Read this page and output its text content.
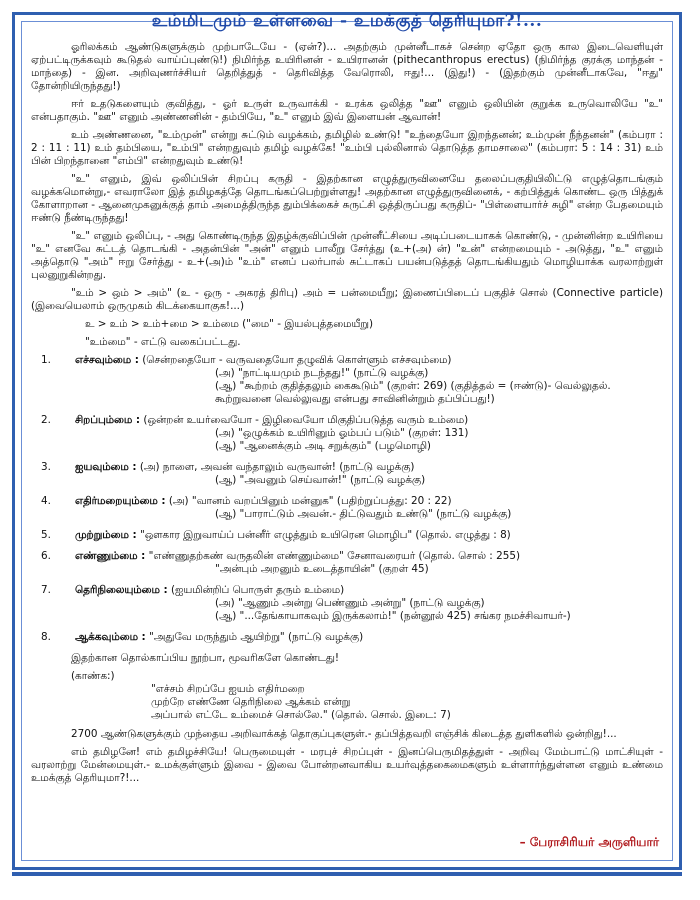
உம்மிடமும் உள்ளவை - உமக்குத் தெரியுமா?!...

ஓரிலக்கம் ஆண்டுகளுக்கும் முற்பாடேயே - (ஏன்?)... அதற்கும் முன்னீடாகச் சென்ற ஏதோ ஒரு கால இடைவெளியுள் ஏற்பட்டிருக்கவும் கூடுதல் வாய்ப்புண்டு!) நிமிர்ந்த உயிரினன் - உயிரானன் (pithecanthropus erectus) (நிமிர்ந்த குரக்கு மாந்தன் - மாந்தை) - இன. அறிவுணர்ச்சியர் தெறித்துத் - தெரிவித்த வேரொலி, ஈது!... (இது!) - (இதற்கும் முன்னீடாகவே, "ஈது" தோன்றியிருந்தது!)

ஈர் உதடுகளையும் குவித்து, - ஓர் உருள் உருவாக்கி - உரக்க ஒலித்த "ஊ" எனும் ஒலியின் குறுக்க உருவொலியே "உ" என்பதாகும். "ஊ" எனும் அண்ணனின் - தம்பியே, "உ" எனும் இவ் இளையன் ஆவான்!

உம் அண்ணனை, "உம்முன்" என்று சுட்டும் வழக்கம், தமிழில் உண்டு! "உந்தையோ இறந்தனன்; உம்முன் நீந்தனன்" (கம்பரா : 2 : 11 : 11) உம் தம்பியை, "உம்பி" என்றதுவும் தமிழ் வழக்கே! "உம்பி புல்லினால் தொடுத்த தாமசாலை" (கம்பரா: 5 : 14 : 31) உம் பின் பிறந்தானை "எம்பி" என்றதுவும் உண்டு!

"உ" எனும், இவ் ஒலிப்பின் சிறப்பு கருதி - இதற்கான எழுத்துருவினையே தலைப்பகுதியிலிட்டு எழுத்தொடங்கும் வழக்கமொன்று,- எவராலோ இத் தமிழகத்தே தொடங்கப்பெற்றுள்ளது! அதற்கான எழுத்துருவினைக், - கற்பித்துக் கொண்ட ஒரு பித்துக் கோளாறான - ஆனைமுகனுக்குத் தாம் அமைத்திருந்த தும்பிக்கைச் சுருட்சி ஒத்திருப்பது கருதிப்- "பிள்ளையார்ச் சுழி" என்ற பேதமையும் ஈண்டு நீண்டிருந்தது!

"உ" எனும் ஒலிப்பு, - அது கொண்டிருந்த இதழ்க்குவிப்பின் முன்னீட்சியை அடிப்படையாகக் கொண்டு, - முன்னின்ற உயிரியை "உ" எனவே சுட்டத் தொடங்கி - அதன்பின் "அன்" எனும் பாலீறு சேர்த்து (உ+(அ) ன்) "உன்" என்றமையும் - அடுத்து, "உ" எனும் அத்தொடு "அம்" ஈறு சேர்த்து - உ+(அ)ம் "உம்" எனப் பலர்பால் சுட்டாகப் பயன்படுத்தத் தொடங்கியதும் மொழியாக்க வரலாற்றுள் புலனுறுகின்றது.

"உம் > ஒம் > அம்" (உ - ஒரு - அகரத் திரிபு) அம் = பன்மையீறு; இணைப்பிடைப் பகுதிச் சொல் (Connective particle) (இவையெலாம் ஒருமுகம் கிடக்கையாகுக!...)

உ > உம் > உம்+மை > உம்மை ("மை" - இயல்புத்தமையீறு)

"உம்மை" - எட்டு வகைப்பட்டது.

1. எச்சவும்மை : (சென்றதையோ - வருவதையோ தழுவிக் கொள்ளும் எச்சவும்மை)
(அ) "நாட்டியமும் நடந்தது!" (நாட்டு வழக்கு)
(ஆ) "கூற்றம் குதித்தலும் கைகூடும்" (குறள்: 269) (குதித்தல் = (ஈண்டு)- வெல்லுதல். கூற்றுவனை வெல்லுவது என்பது சாவினின்றும் தப்பிப்பது!)
2. சிறப்பும்மை : (ஒன்றன் உயர்வையோ - இழிவையோ மிகுதிப்படுத்த வரும் உம்மை)
(அ) "ஒழுக்கம் உயிரினும் ஓம்பப் படும்" (குறள்: 131)
(ஆ) "ஆனைக்கும் அடி சறுக்கும்" (பழமொழி)
3. ஐயவும்மை : (அ) நாளை, அவன் வந்தாலும் வருவான்! (நாட்டு வழக்கு)
(ஆ) "அவனும் செய்வான்!" (நாட்டு வழக்கு)
4. எதிர்மறையும்மை : (அ) "வானம் வறப்பினும் மன்னுக" (பதிற்றுப்பத்து: 20 : 22)
(ஆ) "பாராட்டும் அவன்.- திட்டுவதும் உண்டு" (நாட்டு வழக்கு)
5. முற்றும்மை : "ஔகார இறுவாய்ப் பன்னீர் எழுத்தும் உயிரென மொழிப" (தொல். எழுத்து : 8)
6. எண்ணும்மை : "எண்ணுதற்கண் வருதலின் எண்ணும்மை" சேனாவரையர் (தொல். சொல் : 255)
"அன்பும் அறனும் உடைத்தாயின்" (குறள் 45)
7. தெரிநிலையும்மை : (ஐயமின்றிப் பொருள் தரும் உம்மை)
(அ) "ஆணும் அன்று பெண்ணும் அன்று" (நாட்டு வழக்கு)
(ஆ) "...தேங்காயாகவும் இருக்கலாம்!" (நன்னூல் 425) சங்கர நமச்சிவாயர்-)
8. ஆக்கவும்மை : "அதுவே மருந்தும் ஆயிற்று" (நாட்டு வழக்கு)

இதற்கான தொல்காப்பிய நூற்பா, மூவரிகளே கொண்டது!

(காண்க:)
"எச்சம் சிறப்பே ஐயம் எதிர்மறை
முற்றே எண்ணே தெரிநிலை ஆக்கம் என்று
அப்பால் எட்டே உம்மைச் சொல்லே." (தொல். சொல். இடை: 7)

2700 ஆண்டுகளுக்கும் முந்தைய அறிவாக்கத் தொகுப்புகளுள்.- தப்பித்தவறி எஞ்சிக் கிடைத்த துளிகளில் ஒன்றிது!...

எம் தமிழனே! எம் தமிழச்சியே! பெருமையுள் - மரபுச் சிறப்புள் - இனப்பெருமிதத்துள் - அறிவு மேம்பாட்டு மாட்சியுள் - வரலாற்று மேன்மையுள்.- உமக்குள்ளும் இவை - இவை போன்றனவாகிய உயர்வுத்தகைமைகளும் உள்ளார்ந்துள்ளன எனும் உண்மை உமக்குத் தெரியுமா?!...

– பேராசிரியர் அருளியார்
